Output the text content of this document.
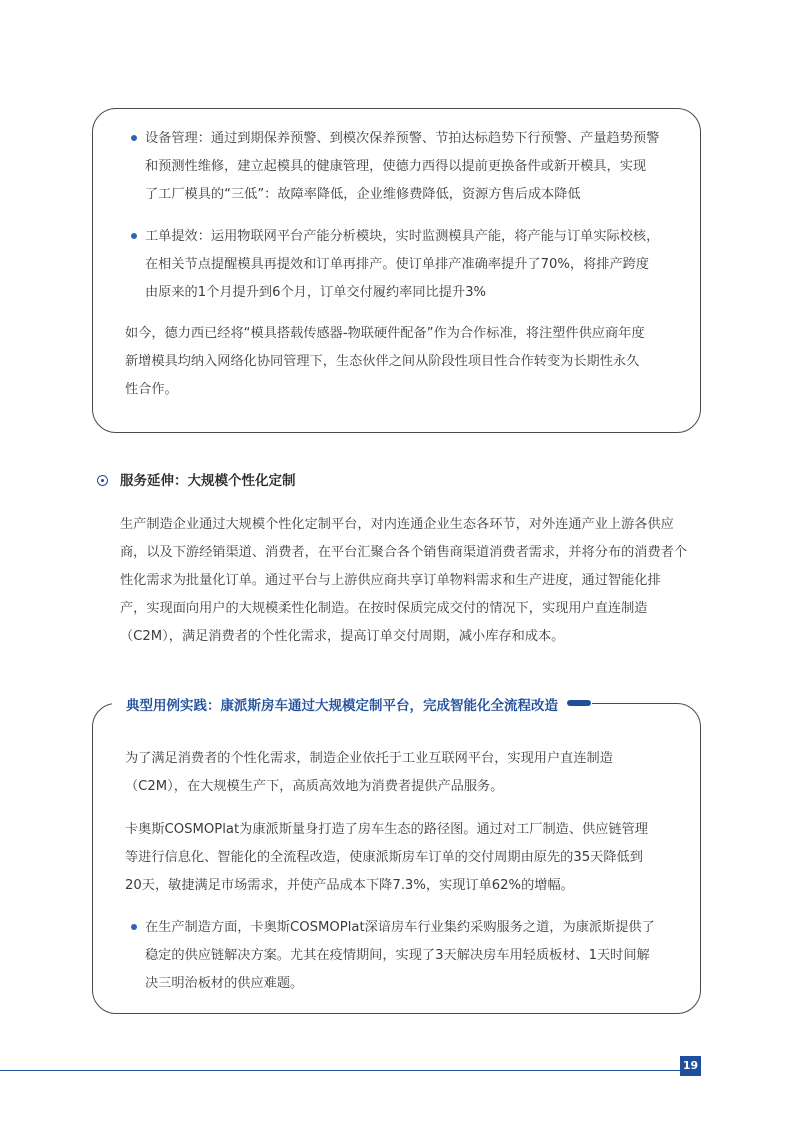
设备管理：通过到期保养预警、到模次保养预警、节拍达标趋势下行预警、产量趋势预警
和预测性维修，建立起模具的健康管理，使德力西得以提前更换备件或新开模具，实现
了工厂模具的“三低”：故障率降低，企业维修费降低，资源方售后成本降低
工单提效：运用物联网平台产能分析模块，实时监测模具产能，将产能与订单实际校核，
在相关节点提醒模具再提效和订单再排产。使订单排产准确率提升了70%，将排产跨度
由原来的1个月提升到6个月，订单交付履约率同比提升3%
如今，德力西已经将“模具搭载传感器-物联硬件配备”作为合作标准，将注塑件供应商年度
新增模具均纳入网络化协同管理下，生态伙伴之间从阶段性项目性合作转变为长期性永久
性合作。
服务延伸：大规模个性化定制
生产制造企业通过大规模个性化定制平台，对内连通企业生态各环节，对外连通产业上游各供应
商，以及下游经销渠道、消费者，在平台汇聚合各个销售商渠道消费者需求，并将分布的消费者个
性化需求为批量化订单。通过平台与上游供应商共享订单物料需求和生产进度，通过智能化排
产，实现面向用户的大规模柔性化制造。在按时保质完成交付的情况下，实现用户直连制造
（C2M），满足消费者的个性化需求，提高订单交付周期，减小库存和成本。
典型用例实践：康派斯房车通过大规模定制平台，完成智能化全流程改造
为了满足消费者的个性化需求，制造企业依托于工业互联网平台，实现用户直连制造
（C2M），在大规模生产下，高质高效地为消费者提供产品服务。
卡奥斯COSMOPlat为康派斯量身打造了房车生态的路径图。通过对工厂制造、供应链管理
等进行信息化、智能化的全流程改造，使康派斯房车订单的交付周期由原先的35天降低到
20天，敏捷满足市场需求，并使产品成本下降7.3%，实现订单62%的增幅。
在生产制造方面，卡奥斯COSMOPlat深谙房车行业集约采购服务之道，为康派斯提供了
稳定的供应链解决方案。尤其在疫情期间，实现了3天解决房车用轻质板材、1天时间解
决三明治板材的供应难题。
19
